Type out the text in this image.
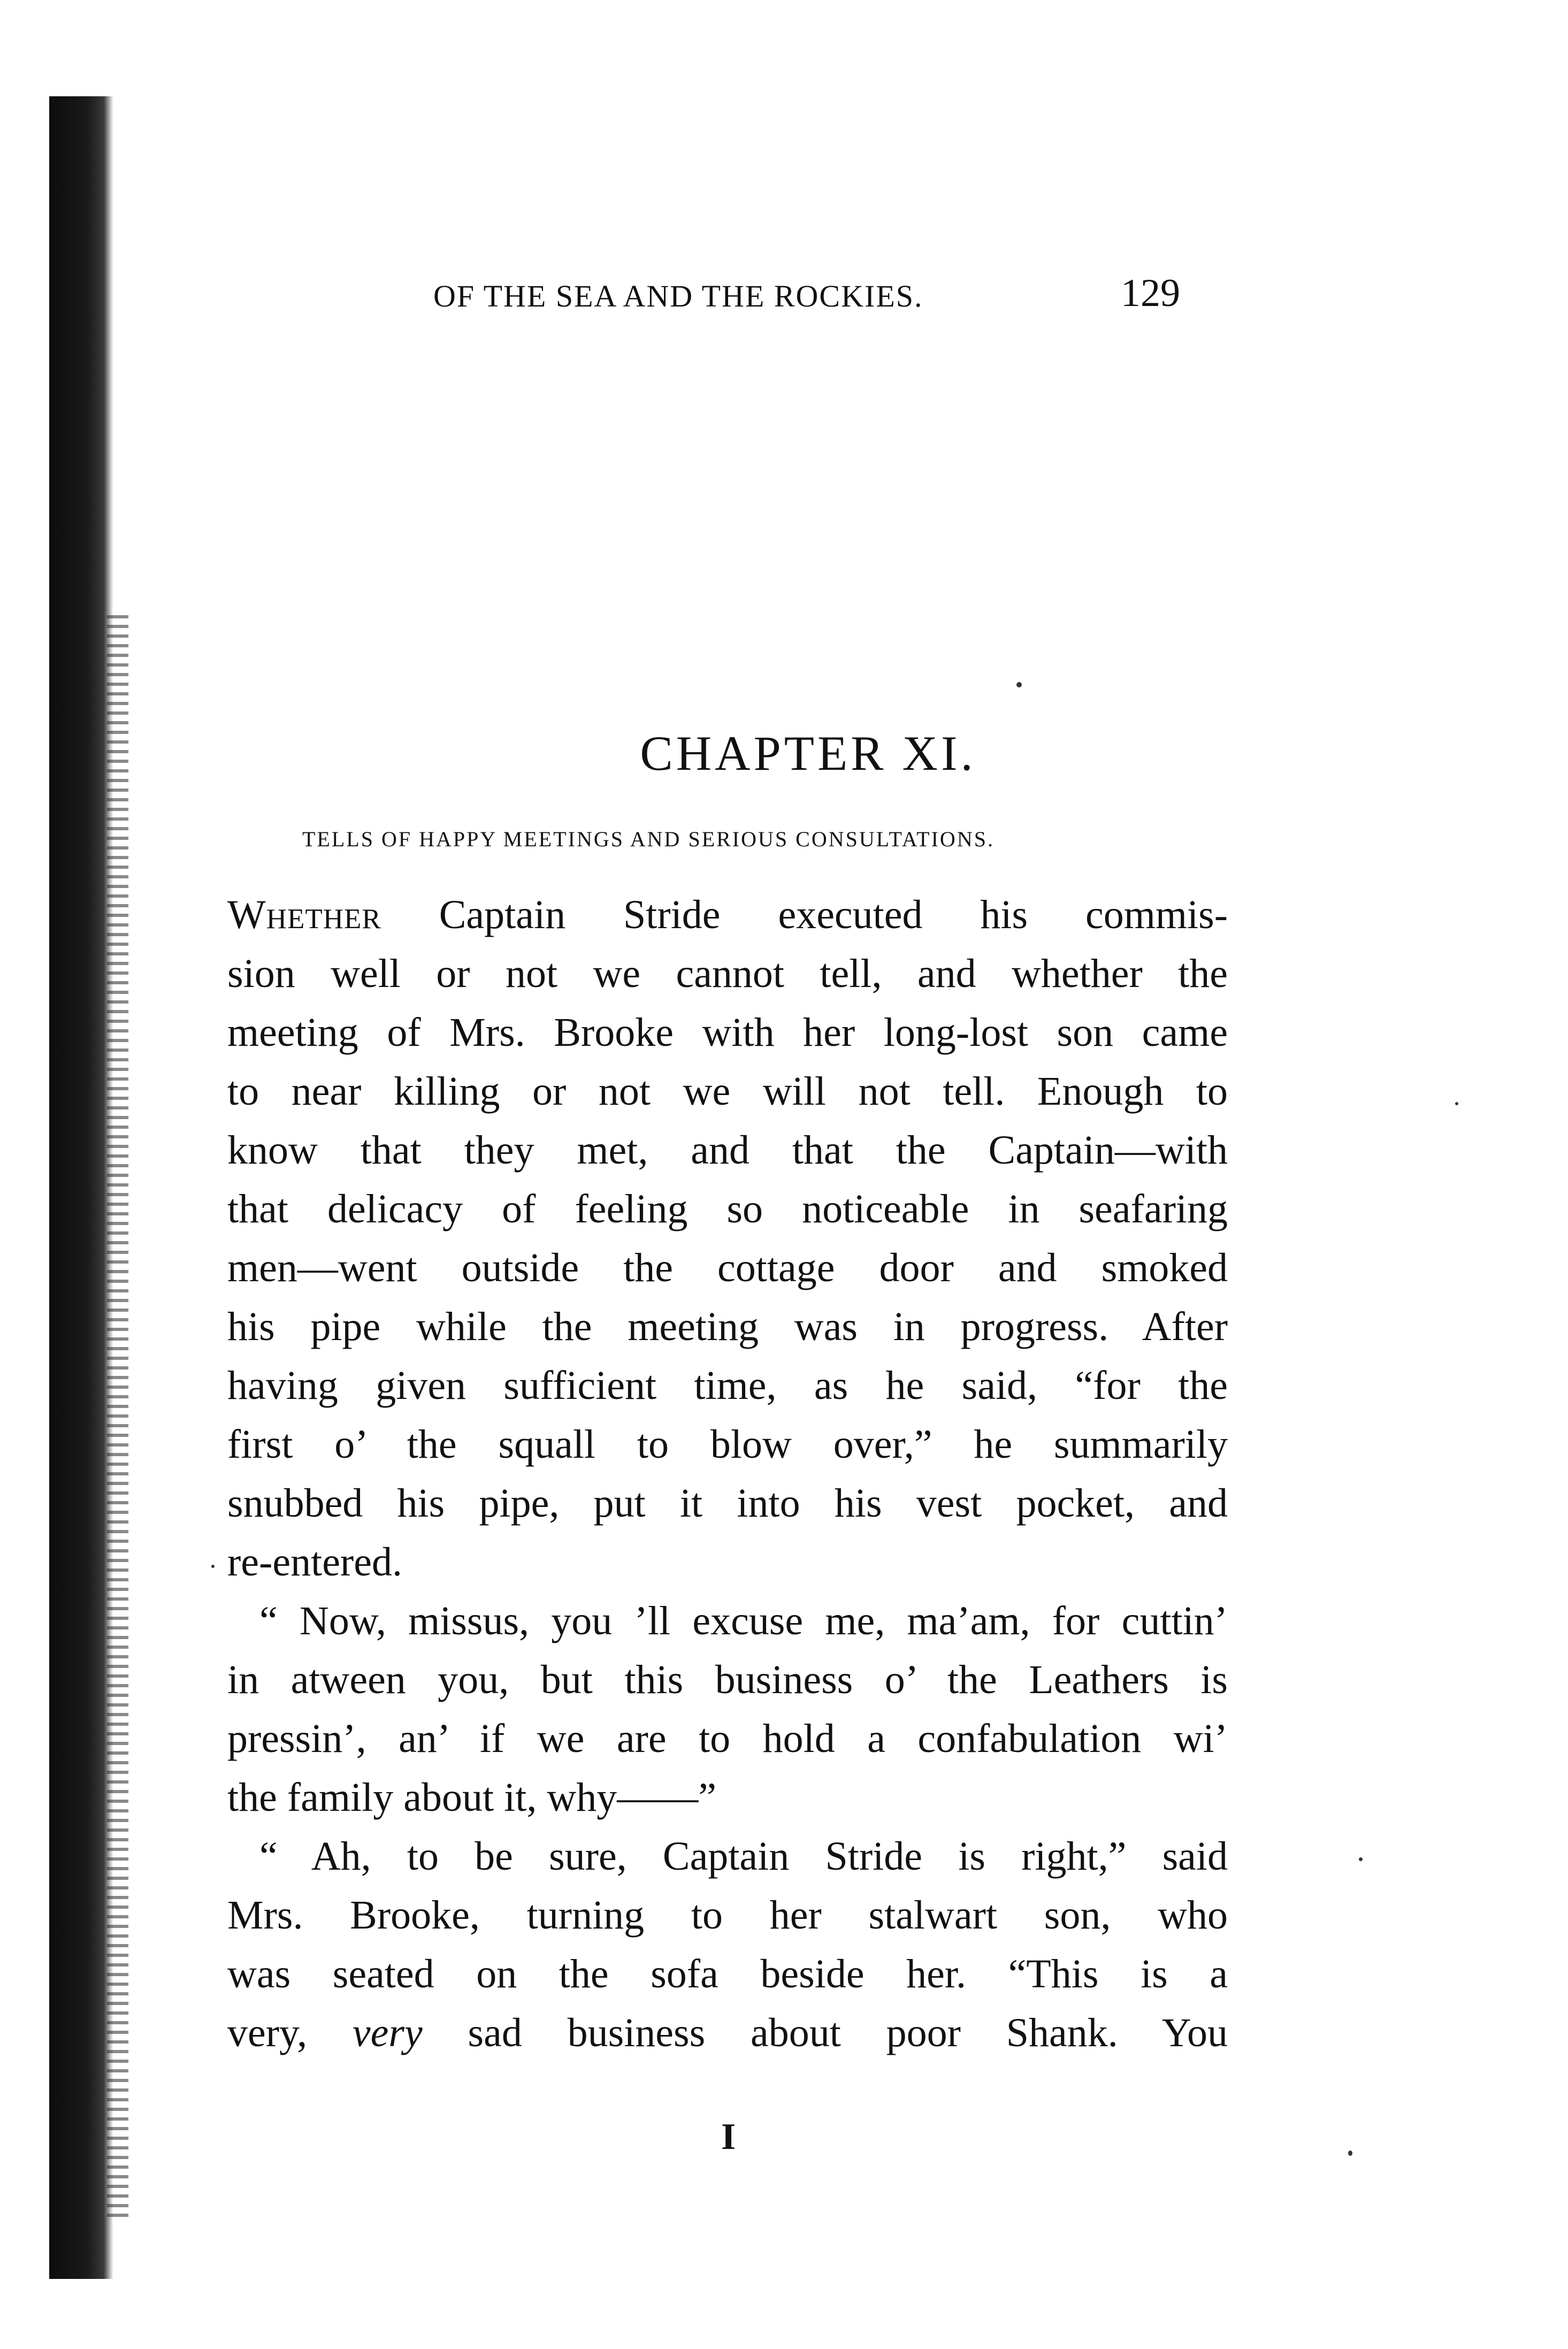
OF THE SEA AND THE ROCKIES.	129
CHAPTER XI.
TELLS OF HAPPY MEETINGS AND SERIOUS CONSULTATIONS.
Whether Captain Stride executed his commis-
sion well or not we cannot tell, and whether the
meeting of Mrs. Brooke with her long-lost son came
to near killing or not we will not tell. Enough to
know that they met, and that the Captain—with
that delicacy of feeling so noticeable in seafaring
men—went outside the cottage door and smoked
his pipe while the meeting was in progress. After
having given sufficient time, as he said, “for the
first o’ the squall to blow over,” he summarily
snubbed his pipe, put it into his vest pocket, and
re-entered.
“ Now, missus, you ’ll excuse me, ma’am, for cuttin’
in atween you, but this business o’ the Leathers is
pressin’, an’ if we are to hold a confabulation wi’
the family about it, why——”
“ Ah, to be sure, Captain Stride is right,” said
Mrs. Brooke, turning to her stalwart son, who
was seated on the sofa beside her. “This is a
very, very sad business about poor Shank. You
I
